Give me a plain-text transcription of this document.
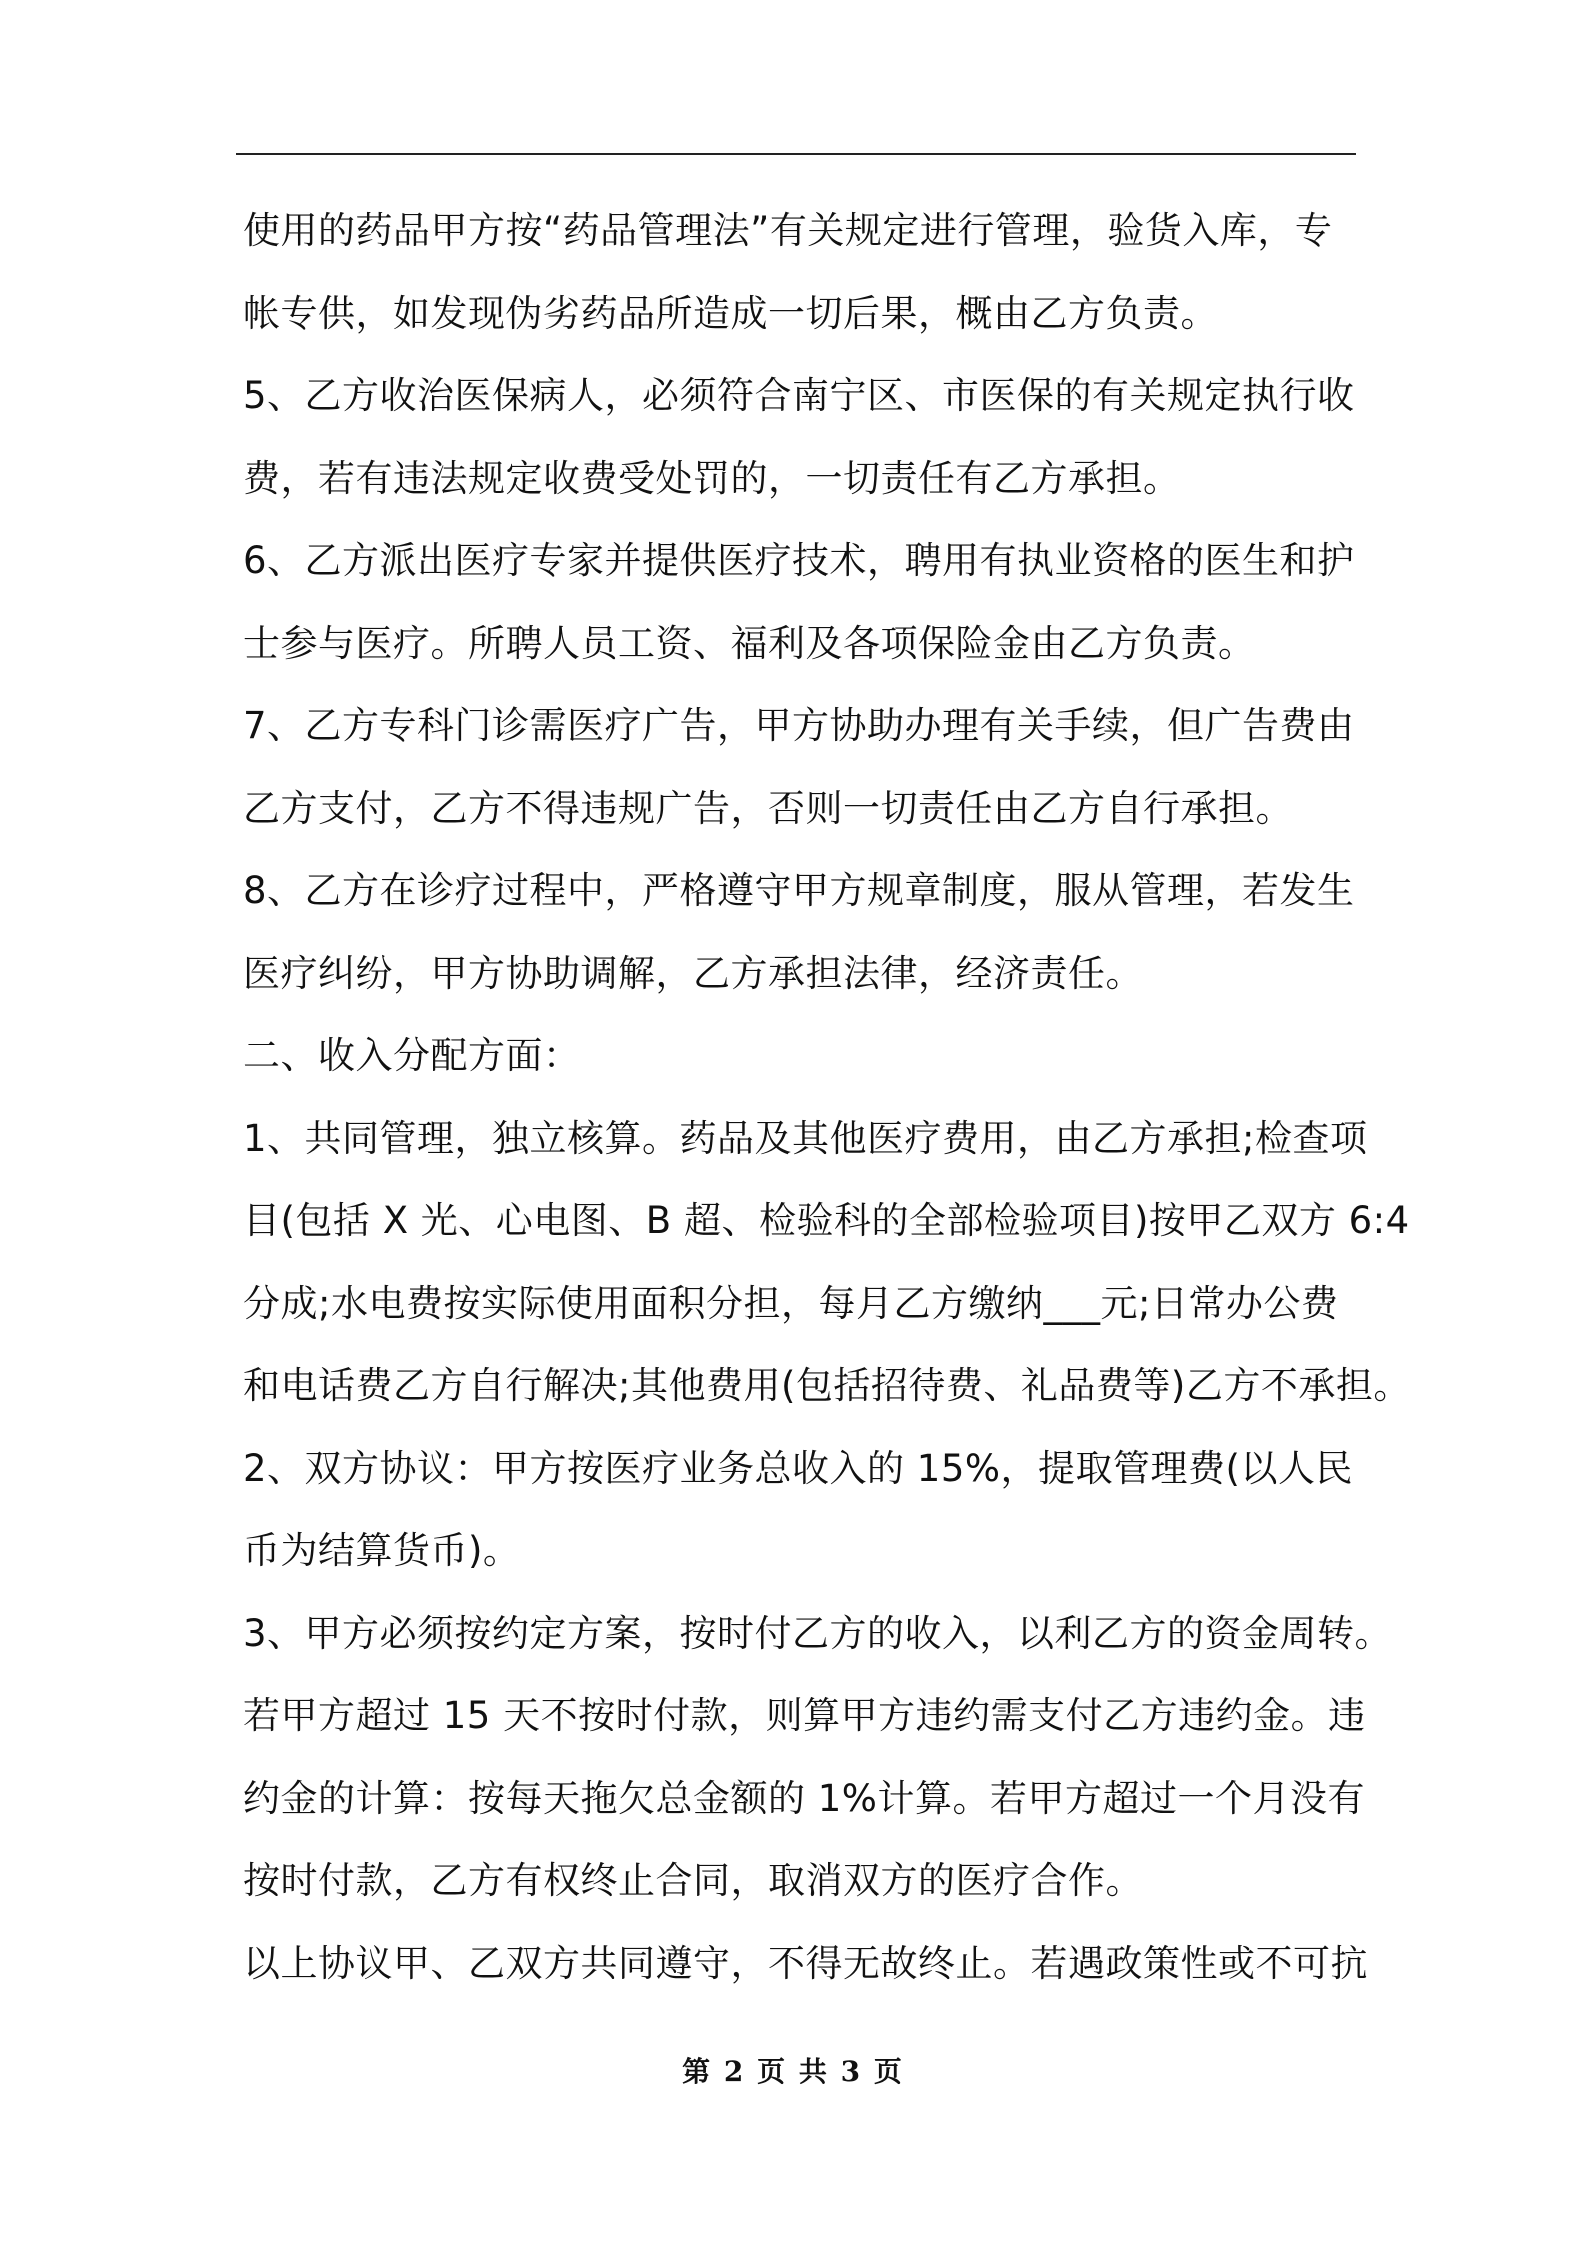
使用的药品甲方按“药品管理法”有关规定进行管理，验货入库，专
帐专供，如发现伪劣药品所造成一切后果，概由乙方负责。
5、乙方收治医保病人，必须符合南宁区、市医保的有关规定执行收
费，若有违法规定收费受处罚的，一切责任有乙方承担。
6、乙方派出医疗专家并提供医疗技术，聘用有执业资格的医生和护
士参与医疗。所聘人员工资、福利及各项保险金由乙方负责。
7、乙方专科门诊需医疗广告，甲方协助办理有关手续，但广告费由
乙方支付，乙方不得违规广告，否则一切责任由乙方自行承担。
8、乙方在诊疗过程中，严格遵守甲方规章制度，服从管理，若发生
医疗纠纷，甲方协助调解，乙方承担法律，经济责任。
二、收入分配方面：
1、共同管理，独立核算。药品及其他医疗费用，由乙方承担;检查项
目(包括 X 光、心电图、B 超、检验科的全部检验项目)按甲乙双方 6:4
分成;水电费按实际使用面积分担，每月乙方缴纳___元;日常办公费
和电话费乙方自行解决;其他费用(包括招待费、礼品费等)乙方不承担。
2、双方协议：甲方按医疗业务总收入的 15%，提取管理费(以人民
币为结算货币)。
3、甲方必须按约定方案，按时付乙方的收入，以利乙方的资金周转。
若甲方超过 15 天不按时付款，则算甲方违约需支付乙方违约金。违
约金的计算：按每天拖欠总金额的 1%计算。若甲方超过一个月没有
按时付款，乙方有权终止合同，取消双方的医疗合作。
以上协议甲、乙双方共同遵守，不得无故终止。若遇政策性或不可抗
第 2 页 共 3 页
